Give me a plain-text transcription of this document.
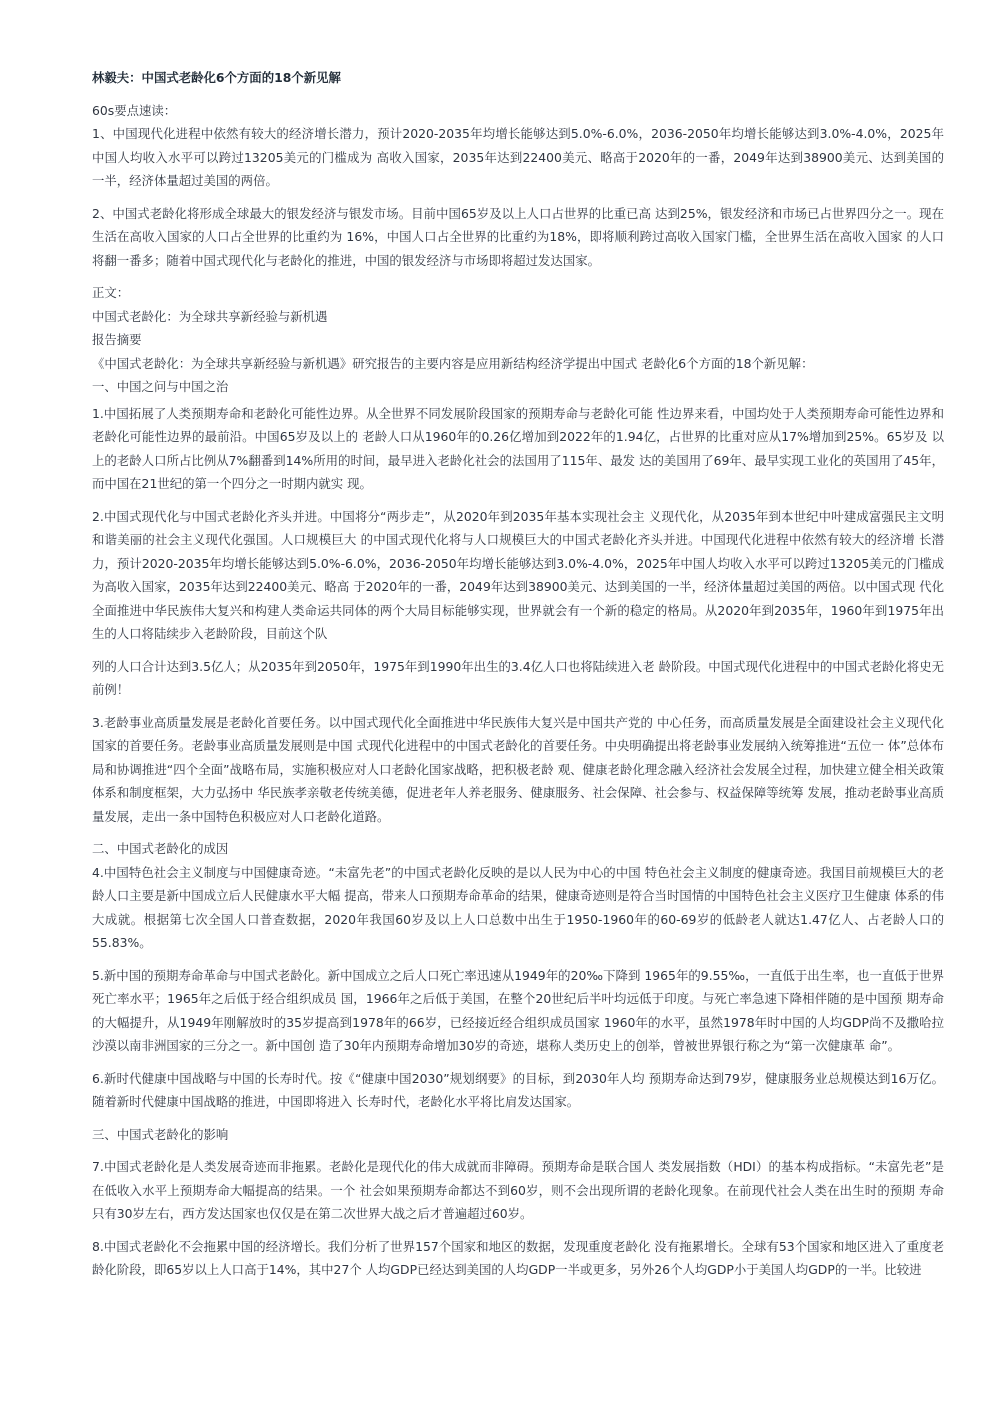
林毅夫：中国式老龄化6个方面的18个新见解
60s要点速读：
1、中国现代化进程中依然有较大的经济增长潜力，预计2020-2035年均增长能够达到5.0%-6.0%，2036-2050年均增长能够达到3.0%-4.0%，2025年中国人均收入水平可以跨过13205美元的门槛成为 高收入国家，2035年达到22400美元、略高于2020年的一番，2049年达到38900美元、达到美国的 一半，经济体量超过美国的两倍。
2、中国式老龄化将形成全球最大的银发经济与银发市场。目前中国65岁及以上人口占世界的比重已高 达到25%，银发经济和市场已占世界四分之一。现在生活在高收入国家的人口占全世界的比重约为 16%，中国人口占全世界的比重约为18%，即将顺利跨过高收入国家门槛，全世界生活在高收入国家 的人口将翻一番多；随着中国式现代化与老龄化的推进，中国的银发经济与市场即将超过发达国家。
正文：
中国式老龄化：为全球共享新经验与新机遇
报告摘要
《中国式老龄化：为全球共享新经验与新机遇》研究报告的主要内容是应用新结构经济学提出中国式 老龄化6个方面的18个新见解：
一、中国之问与中国之治
1.中国拓展了人类预期寿命和老龄化可能性边界。从全世界不同发展阶段国家的预期寿命与老龄化可能 性边界来看，中国均处于人类预期寿命可能性边界和老龄化可能性边界的最前沿。中国65岁及以上的 老龄人口从1960年的0.26亿增加到2022年的1.94亿，占世界的比重对应从17%增加到25%。65岁及 以上的老龄人口所占比例从7%翻番到14%所用的时间，最早进入老龄化社会的法国用了115年、最发 达的美国用了69年、最早实现工业化的英国用了45年，而中国在21世纪的第一个四分之一时期内就实 现。
2.中国式现代化与中国式老龄化齐头并进。中国将分“两步走”，从2020年到2035年基本实现社会主 义现代化，从2035年到本世纪中叶建成富强民主文明和谐美丽的社会主义现代化强国。人口规模巨大 的中国式现代化将与人口规模巨大的中国式老龄化齐头并进。中国现代化进程中依然有较大的经济增 长潜力，预计2020-2035年均增长能够达到5.0%-6.0%，2036-2050年均增长能够达到3.0%-4.0%，2025年中国人均收入水平可以跨过13205美元的门槛成为高收入国家，2035年达到22400美元、略高 于2020年的一番，2049年达到38900美元、达到美国的一半，经济体量超过美国的两倍。以中国式现 代化全面推进中华民族伟大复兴和构建人类命运共同体的两个大局目标能够实现，世界就会有一个新的稳定的格局。从2020年到2035年，1960年到1975年出生的人口将陆续步入老龄阶段，目前这个队
列的人口合计达到3.5亿人；从2035年到2050年，1975年到1990年出生的3.4亿人口也将陆续进入老 龄阶段。中国式现代化进程中的中国式老龄化将史无前例！
3.老龄事业高质量发展是老龄化首要任务。以中国式现代化全面推进中华民族伟大复兴是中国共产党的 中心任务，而高质量发展是全面建设社会主义现代化国家的首要任务。老龄事业高质量发展则是中国 式现代化进程中的中国式老龄化的首要任务。中央明确提出将老龄事业发展纳入统筹推进“五位一 体”总体布局和协调推进“四个全面”战略布局，实施积极应对人口老龄化国家战略，把积极老龄 观、健康老龄化理念融入经济社会发展全过程，加快建立健全相关政策体系和制度框架，大力弘扬中 华民族孝亲敬老传统美德，促进老年人养老服务、健康服务、社会保障、社会参与、权益保障等统筹 发展，推动老龄事业高质量发展，走出一条中国特色积极应对人口老龄化道路。
二、中国式老龄化的成因
4.中国特色社会主义制度与中国健康奇迹。“未富先老”的中国式老龄化反映的是以人民为中心的中国 特色社会主义制度的健康奇迹。我国目前规模巨大的老龄人口主要是新中国成立后人民健康水平大幅 提高，带来人口预期寿命革命的结果，健康奇迹则是符合当时国情的中国特色社会主义医疗卫生健康 体系的伟大成就。根据第七次全国人口普查数据，2020年我国60岁及以上人口总数中出生于1950-1960年的60-69岁的低龄老人就达1.47亿人、占老龄人口的55.83%。
5.新中国的预期寿命革命与中国式老龄化。新中国成立之后人口死亡率迅速从1949年的20‰下降到 1965年的9.55‰，一直低于出生率，也一直低于世界死亡率水平；1965年之后低于经合组织成员 国，1966年之后低于美国，在整个20世纪后半叶均远低于印度。与死亡率急速下降相伴随的是中国预 期寿命的大幅提升，从1949年刚解放时的35岁提高到1978年的66岁，已经接近经合组织成员国家 1960年的水平，虽然1978年时中国的人均GDP尚不及撒哈拉沙漠以南非洲国家的三分之一。新中国创 造了30年内预期寿命增加30岁的奇迹，堪称人类历史上的创举，曾被世界银行称之为“第一次健康革 命”。
6.新时代健康中国战略与中国的长寿时代。按《“健康中国2030”规划纲要》的目标，到2030年人均 预期寿命达到79岁，健康服务业总规模达到16万亿。随着新时代健康中国战略的推进，中国即将进入 长寿时代，老龄化水平将比肩发达国家。
三、中国式老龄化的影响
7.中国式老龄化是人类发展奇迹而非拖累。老龄化是现代化的伟大成就而非障碍。预期寿命是联合国人 类发展指数（HDI）的基本构成指标。“未富先老”是在低收入水平上预期寿命大幅提高的结果。一个 社会如果预期寿命都达不到60岁，则不会出现所谓的老龄化现象。在前现代社会人类在出生时的预期 寿命只有30岁左右，西方发达国家也仅仅是在第二次世界大战之后才普遍超过60岁。
8.中国式老龄化不会拖累中国的经济增长。我们分析了世界157个国家和地区的数据，发现重度老龄化 没有拖累增长。全球有53个国家和地区进入了重度老龄化阶段，即65岁以上人口高于14%，其中27个 人均GDP已经达到美国的人均GDP一半或更多，另外26个人均GDP小于美国人均GDP的一半。比较进
